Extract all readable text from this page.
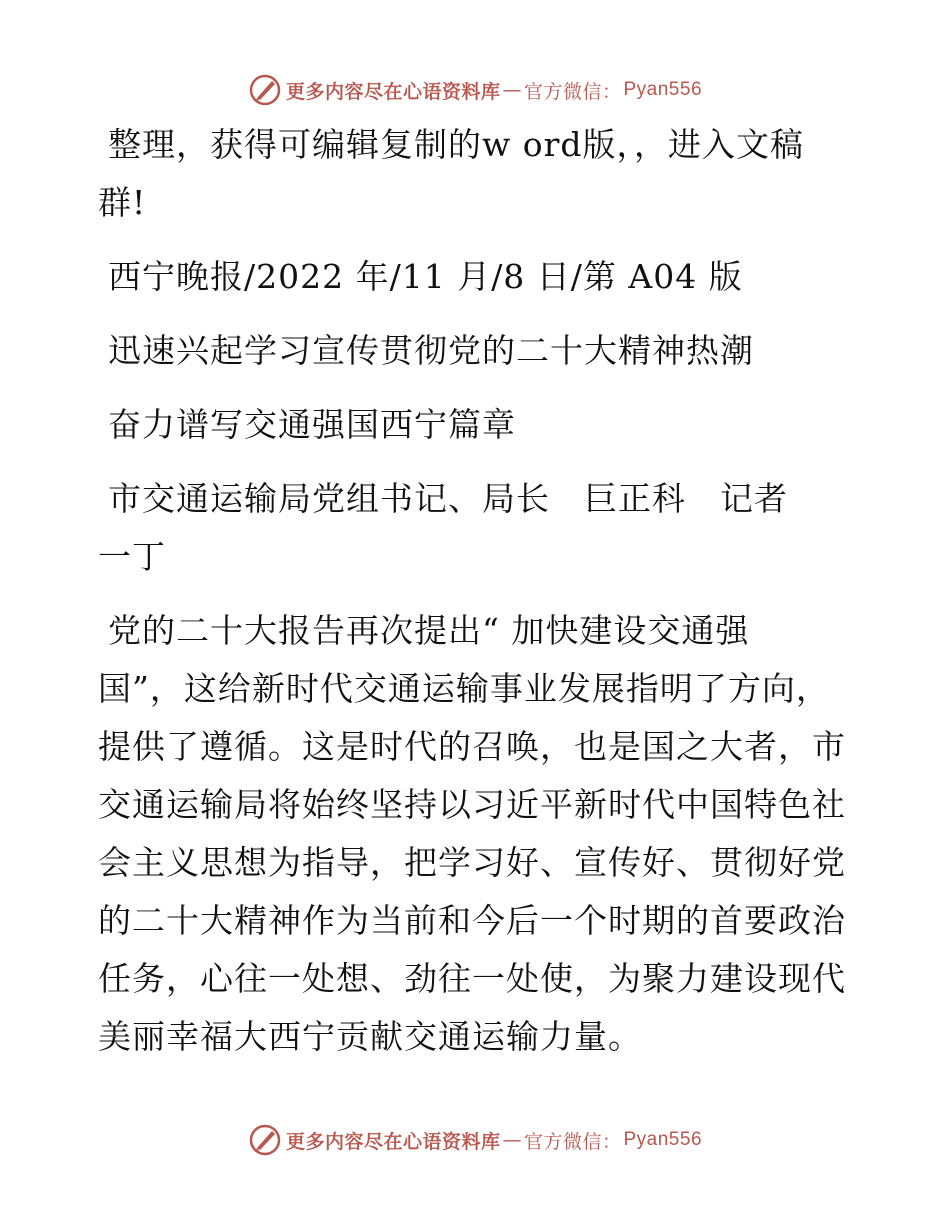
更多内容尽在心语资料库 — 官方微信： Pyan556

整理，获得可编辑复制的w ord版，，进入文稿

群!

西宁晚报/2022 年/11 月/8 日/第 A04 版

迅速兴起学习宣传贯彻党的二十大精神热潮

奋力谱写交通强国西宁篇章

市交通运输局党组书记、局长　巨正科　记者

一丁

党的二十大报告再次提出“ 加快建设交通强

国”，这给新时代交通运输事业发展指明了方向，

提供了遵循。这是时代的召唤，也是国之大者，市

交通运输局将始终坚持以习近平新时代中国特色社

会主义思想为指导，把学习好、宣传好、贯彻好党

的二十大精神作为当前和今后一个时期的首要政治

任务，心往一处想、劲往一处使，为聚力建设现代

美丽幸福大西宁贡献交通运输力量。

更多内容尽在心语资料库 — 官方微信： Pyan556
